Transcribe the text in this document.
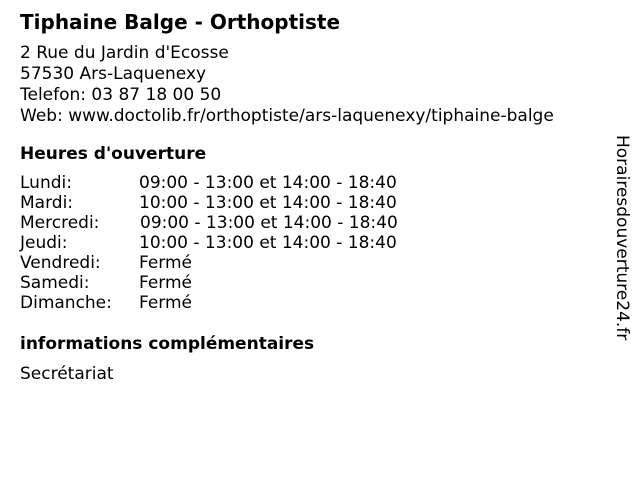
Tiphaine Balge - Orthoptiste
2 Rue du Jardin d'Ecosse
57530 Ars-Laquenexy
Telefon: 03 87 18 00 50
Web: www.doctolib.fr/orthoptiste/ars-laquenexy/tiphaine-balge
Heures d'ouverture
Lundi:	09:00 - 13:00 et 14:00 - 18:40
Mardi:	10:00 - 13:00 et 14:00 - 18:40
Mercredi: 09:00 - 13:00 et 14:00 - 18:40
Jeudi:	10:00 - 13:00 et 14:00 - 18:40
Vendredi: Fermé
Samedi:	Fermé
Dimanche: Fermé
informations complémentaires
Secrétariat
Horairesdouverture24.fr
